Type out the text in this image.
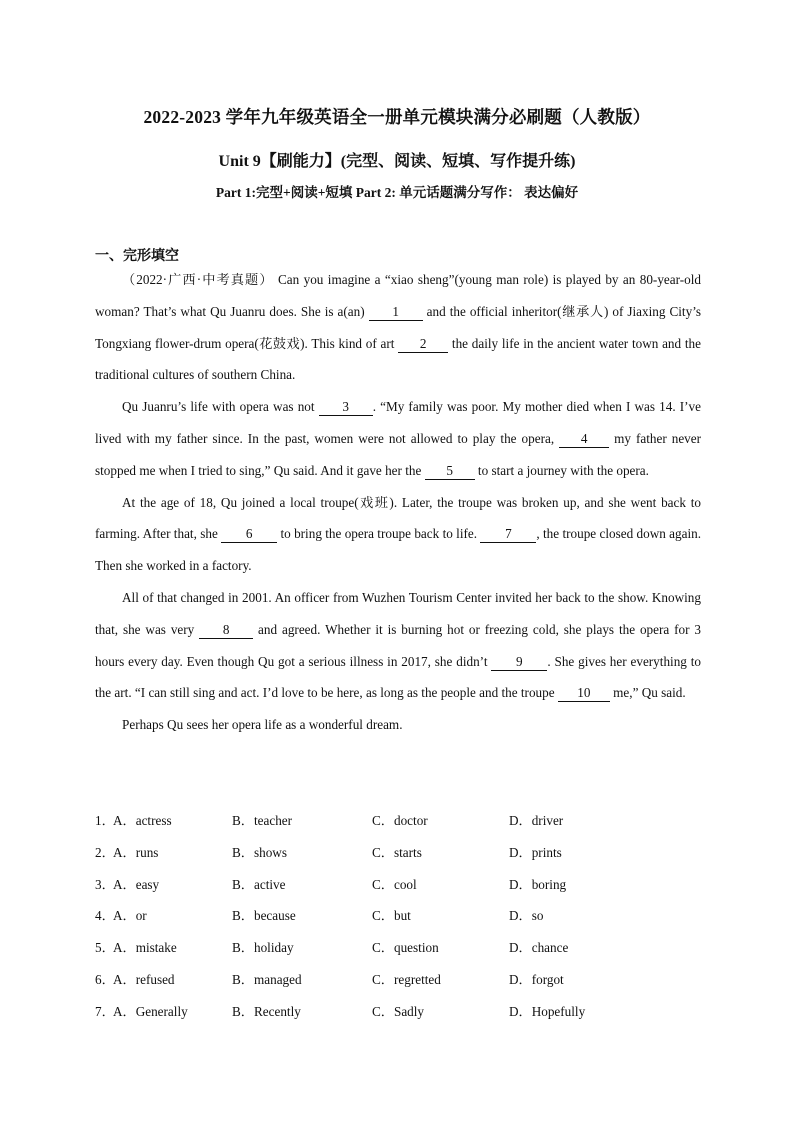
2022-2023 学年九年级英语全一册单元模块满分必刷题（人教版）
Unit 9【刷能力】(完型、阅读、短填、写作提升练)
Part 1:完型+阅读+短填 Part 2: 单元话题满分写作： 表达偏好
一、完形填空

（2022·广西·中考真题） Can you imagine a “xiao sheng”(young man role) is played by an 80-year-old woman? That’s what Qu Juanru does. She is a(an) 1 and the official inheritor(继承人) of Jiaxing City’s Tongxiang flower-drum opera(花鼓戏). This kind of art 2 the daily life in the ancient water town and the traditional cultures of southern China.

Qu Juanru’s life with opera was not 3 . “My family was poor. My mother died when I was 14. I’ve lived with my father since. In the past, women were not allowed to play the opera, 4 my father never stopped me when I tried to sing,” Qu said. And it gave her the 5 to start a journey with the opera.

At the age of 18, Qu joined a local troupe(戏班). Later, the troupe was broken up, and she went back to farming. After that, she 6 to bring the opera troupe back to life. 7 , the troupe closed down again. Then she worked in a factory.

All of that changed in 2001. An officer from Wuzhen Tourism Center invited her back to the show. Knowing that, she was very 8 and agreed. Whether it is burning hot or freezing cold, she plays the opera for 3 hours every day. Even though Qu got a serious illness in 2017, she didn’t 9 . She gives her everything to the art. “I can still sing and act. I’d love to be here, as long as the people and the troupe 10 me,” Qu said.

Perhaps Qu sees her opera life as a wonderful dream.

1．
A．actress	B．teacher	C．doctor	D．driver
2．
A．runs	B．shows	C．starts	D．prints
3．
A．easy	B．active	C．cool	D．boring
4．
A．or	B．because	C．but	D．so
5．
A．mistake	B．holiday	C．question	D．chance
6．
A．refused	B．managed	C．regretted	D．forgot
7．
A．Generally	B．Recently	C．Sadly	D．Hopefully
